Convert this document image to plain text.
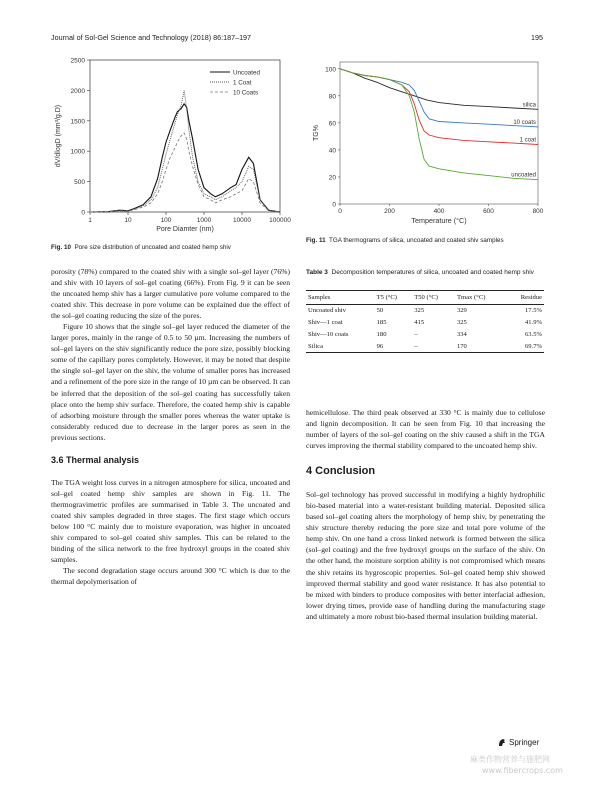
Journal of Sol-Gel Science and Technology (2018) 86:187–197	195
0
500
1000
1500
2000
2500
1	10	100	1000	10000	100000
Pore Diamter (nm)
dV/dlogD (mm³/g.D)
Uncoated
1 Coat
10 Coats
Fig. 10 Pore size distribution of uncoated and coated hemp shiv
0
20
40
60
80
100
0	200	400	600	800
Temperature (°C)
TG%
silica
10 coats
1 coat
uncoated
Fig. 11 TGA thermograms of silica, uncoated and coated shiv samples

porosity (78%) compared to the coated shiv with a single sol–gel layer (76%) and shiv with 10 layers of sol–gel coating (66%). From Fig. 9 it can be seen the uncoated hemp shiv has a larger cumulative pore volume compared to the coated shiv. This decrease in pore volume can be explained due the effect of the sol–gel coating reducing the size of the pores.

Figure 10 shows that the single sol–gel layer reduced the diameter of the larger pores, mainly in the range of 0.5 to 50 µm. Increasing the numbers of sol–gel layers on the shiv significantly reduce the pore size, possibly blocking some of the capillary pores completely. However, it may be noted that despite the single sol–gel layer on the shiv, the volume of smaller pores has increased and a refinement of the pore size in the range of 10 µm can be observed. It can be inferred that the deposition of the sol–gel coating has successfully taken place onto the hemp shiv surface. Therefore, the coated hemp shiv is capable of adsorbing moisture through the smaller pores whereas the water uptake is considerably reduced due to decrease in the larger pores as seen in the previous sections.

3.6 Thermal analysis

The TGA weight loss curves in a nitrogen atmosphere for silica, uncoated and sol–gel coated hemp shiv samples are shown in Fig. 11. The thermogravimetric profiles are summarised in Table 3. The uncoated and coated shiv samples degraded in three stages. The first stage which occurs below 100 °C mainly due to moisture evaporation, was higher in uncoated shiv compared to sol–gel coated shiv samples. This can be related to the binding of the silica network to the free hydroxyl groups in the coated shiv samples.

The second degradation stage occurs around 300 °C which is due to the thermal depolymerisation of

Table 3 Decomposition temperatures of silica, uncoated and coated hemp shiv
Samples	T5 (°C)	T50 (°C)	Tmax (°C)	Residue
Uncoated shiv	50	325	329	17.5%
Shiv—1 coat	185	415	325	41.9%
Shiv—10 coats	180	–	334	63.5%
Silica	96	–	170	69.7%

hemicellulose. The third peak observed at 330 °C is mainly due to cellulose and lignin decomposition. It can be seen from Fig. 10 that increasing the number of layers of the sol–gel coating on the shiv caused a shift in the TGA curves improving the thermal stability compared to the uncoated hemp shiv.

4 Conclusion

Sol–gel technology has proved successful in modifying a highly hydrophilic bio-based material into a water-resistant building material. Deposited silica based sol–gel coating alters the morphology of hemp shiv, by penetrating the shiv structure thereby reducing the pore size and total pore volume of the hemp shiv. On one hand a cross linked network is formed between the silica (sol–gel coating) and the free hydroxyl groups on the surface of the shiv. On the other hand, the moisture sorption ability is not compromised which means the shiv retains its hygroscopic properties. Sol–gel coated hemp shiv showed improved thermal stability and good water resistance. It has also potential to be mixed with binders to produce composites with better interfacial adhesion, lower drying times, provide ease of handling during the manufacturing stage and ultimately a more robust bio-based thermal insulation building material.

Springer
麻类作物营养与施肥网
www.fibercrops.com
